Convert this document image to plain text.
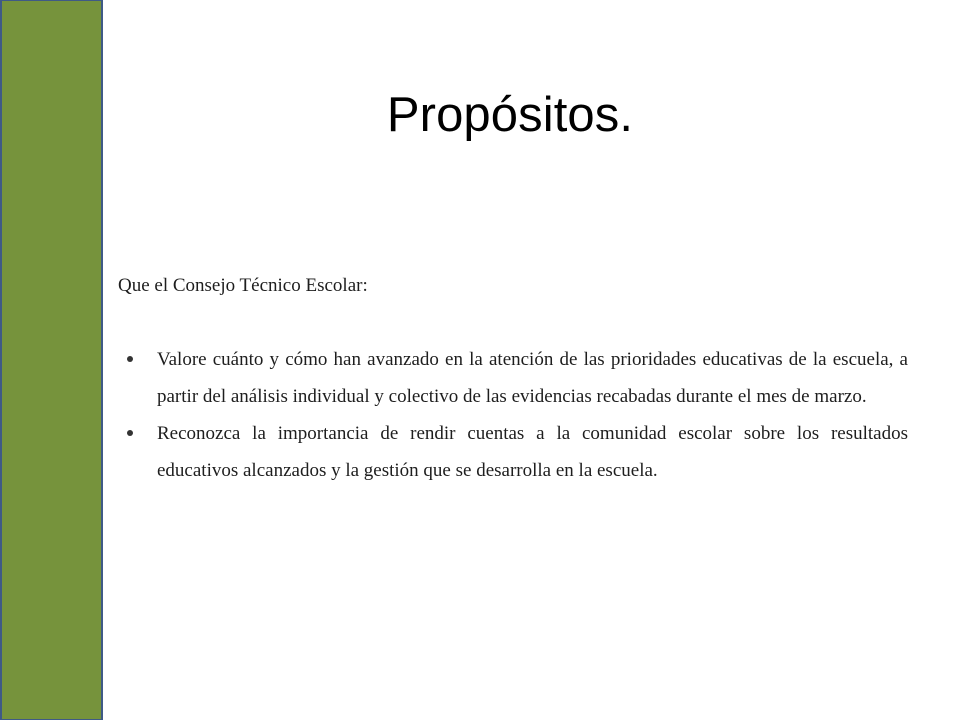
Propósitos.

Que el Consejo Técnico Escolar:

Valore cuánto y cómo han avanzado en la atención de las prioridades educativas de la escuela, a partir del análisis individual y colectivo de las evidencias recabadas durante el mes de marzo.
Reconozca la importancia de rendir cuentas a la comunidad escolar sobre los resultados educativos alcanzados y la gestión que se desarrolla en la escuela.
